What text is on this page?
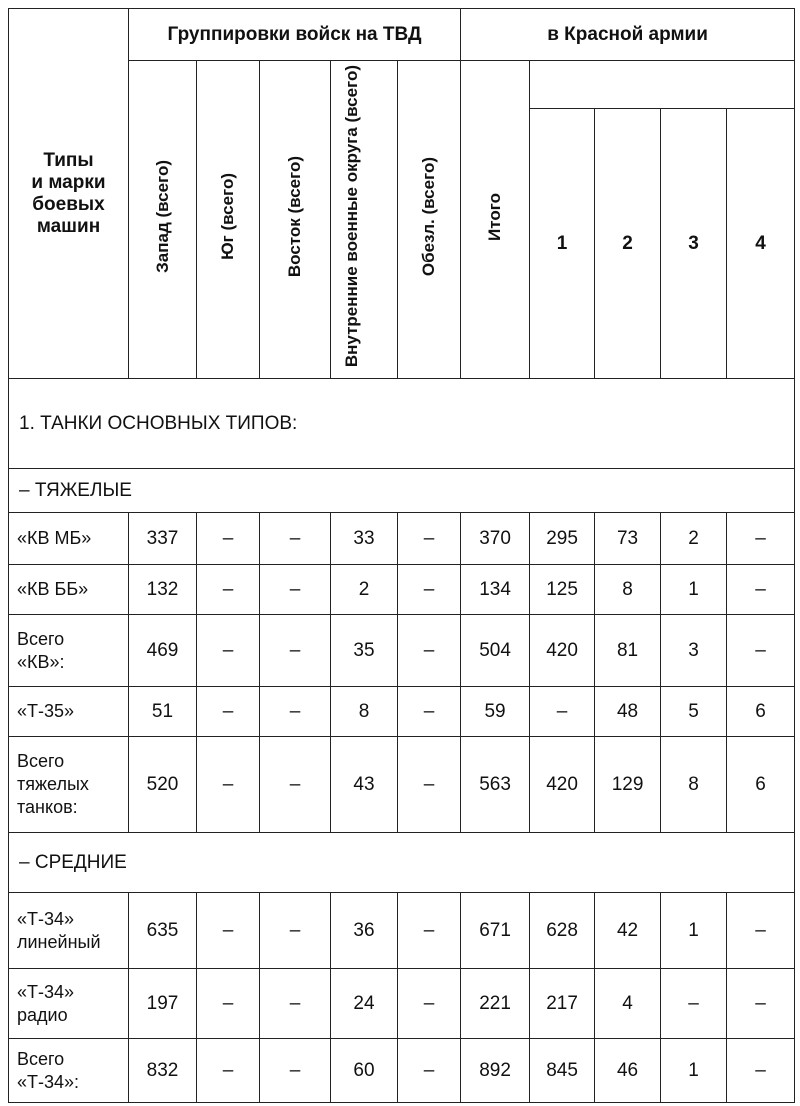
Типы
и марки
боевых
машин	Группировки войск на ТВД					в Красной армии				
	Запад (всего)	Юг (всего)	Восток (всего)	Внутренние военные округа (всего)	Обезл. (всего)	Итого				
							1	2	3	4
1. ТАНКИ ОСНОВНЫХ ТИПОВ:										
– ТЯЖЕЛЫЕ										
«КВ МБ»	337	–	–	33	–	370	295	73	2	–
«КВ ББ»	132	–	–	2	–	134	125	8	1	–
Всего
«КВ»:	469	–	–	35	–	504	420	81	3	–
«Т-35»	51	–	–	8	–	59	–	48	5	6
Всего
тяжелых
танков:	520	–	–	43	–	563	420	129	8	6
– СРЕДНИЕ										
«Т-34»
линейный	635	–	–	36	–	671	628	42	1	–
«Т-34»
радио	197	–	–	24	–	221	217	4	–	–
Всего
«Т-34»:	832	–	–	60	–	892	845	46	1	–
